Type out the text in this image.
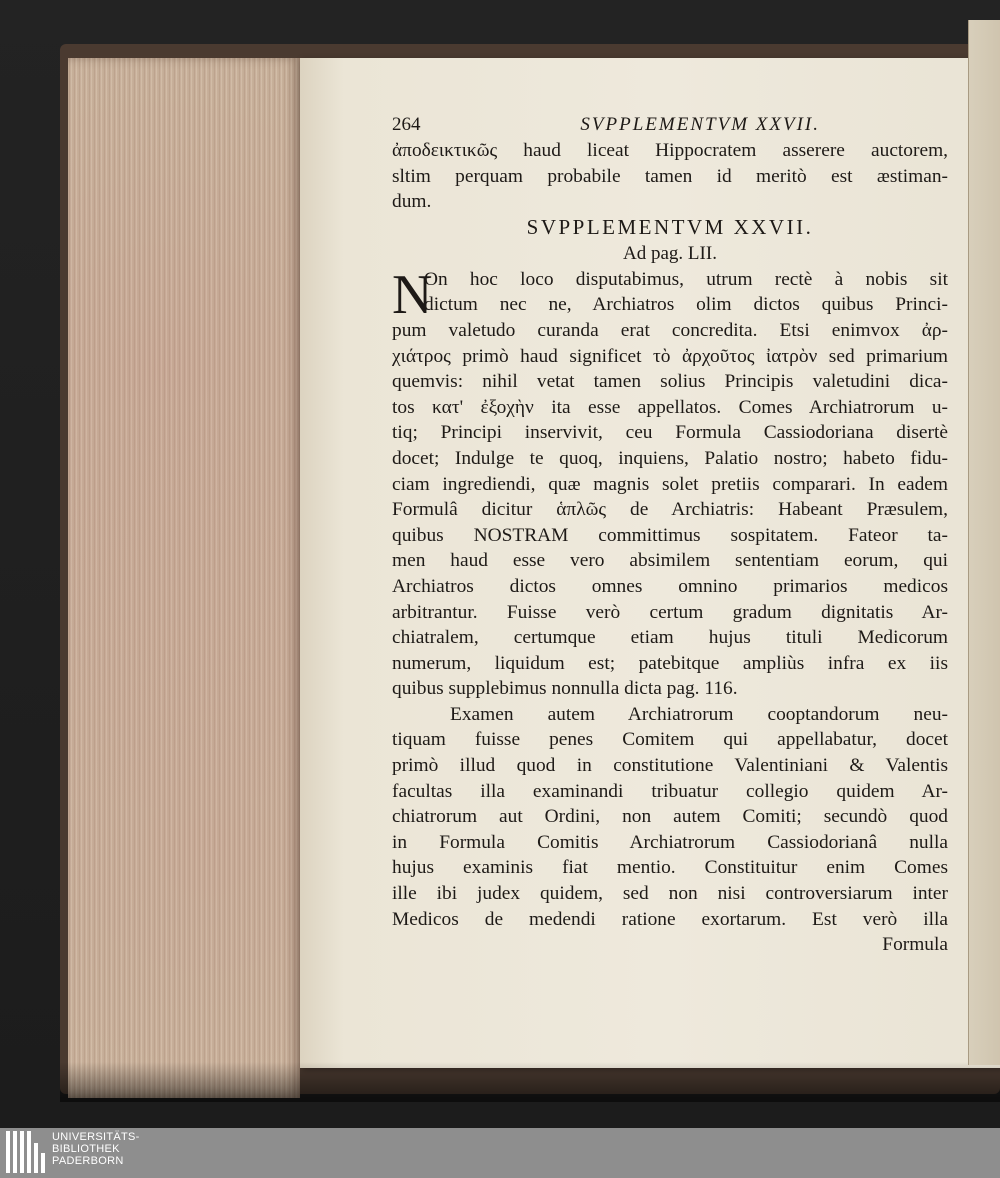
264	SVPPLEMENTVM XXVII.
ἀποδεικτικῶς haud liceat Hippocratem asserere auctorem,
sltim perquam probabile tamen id meritò est æstiman-
dum.
SVPPLEMENTVM XXVII.
Ad pag. LII.
N
On hoc loco disputabimus, utrum rectè à nobis sit
dictum nec ne, Archiatros olim dictos quibus Princi-
pum valetudo curanda erat concredita. Etsi enimvox ἀρ-
χιάτρος primò haud significet τὸ ἀρχοῦτος ἰατρὸν sed primarium
quemvis: nihil vetat tamen solius Principis valetudini dica-
tos κατ' ἐξοχὴν ita esse appellatos. Comes Archiatrorum u-
tiq; Principi inservivit, ceu Formula Cassiodoriana disertè
docet; Indulge te quoq, inquiens, Palatio nostro; habeto fidu-
ciam ingrediendi, quæ magnis solet pretiis comparari. In eadem
Formulâ dicitur ἁπλῶς de Archiatris: Habeant Præsulem,
quibus NOSTRAM committimus sospitatem. Fateor ta-
men haud esse vero absimilem sententiam eorum, qui
Archiatros dictos omnes omnino primarios medicos
arbitrantur. Fuisse verò certum gradum dignitatis Ar-
chiatralem, certumque etiam hujus tituli Medicorum
numerum, liquidum est; patebitque ampliùs infra ex iis
quibus supplebimus nonnulla dicta pag. 116.
Examen autem Archiatrorum cooptandorum neu-
tiquam fuisse penes Comitem qui appellabatur, docet
primò illud quod in constitutione Valentiniani & Valentis
facultas illa examinandi tribuatur collegio quidem Ar-
chiatrorum aut Ordini, non autem Comiti; secundò quod
in Formula Comitis Archiatrorum Cassiodorianâ nulla
hujus examinis fiat mentio. Constituitur enim Comes
ille ibi judex quidem, sed non nisi controversiarum inter
Medicos de medendi ratione exortarum. Est verò illa
Formula
UNIVERSITÄTS-
BIBLIOTHEK
PADERBORN
